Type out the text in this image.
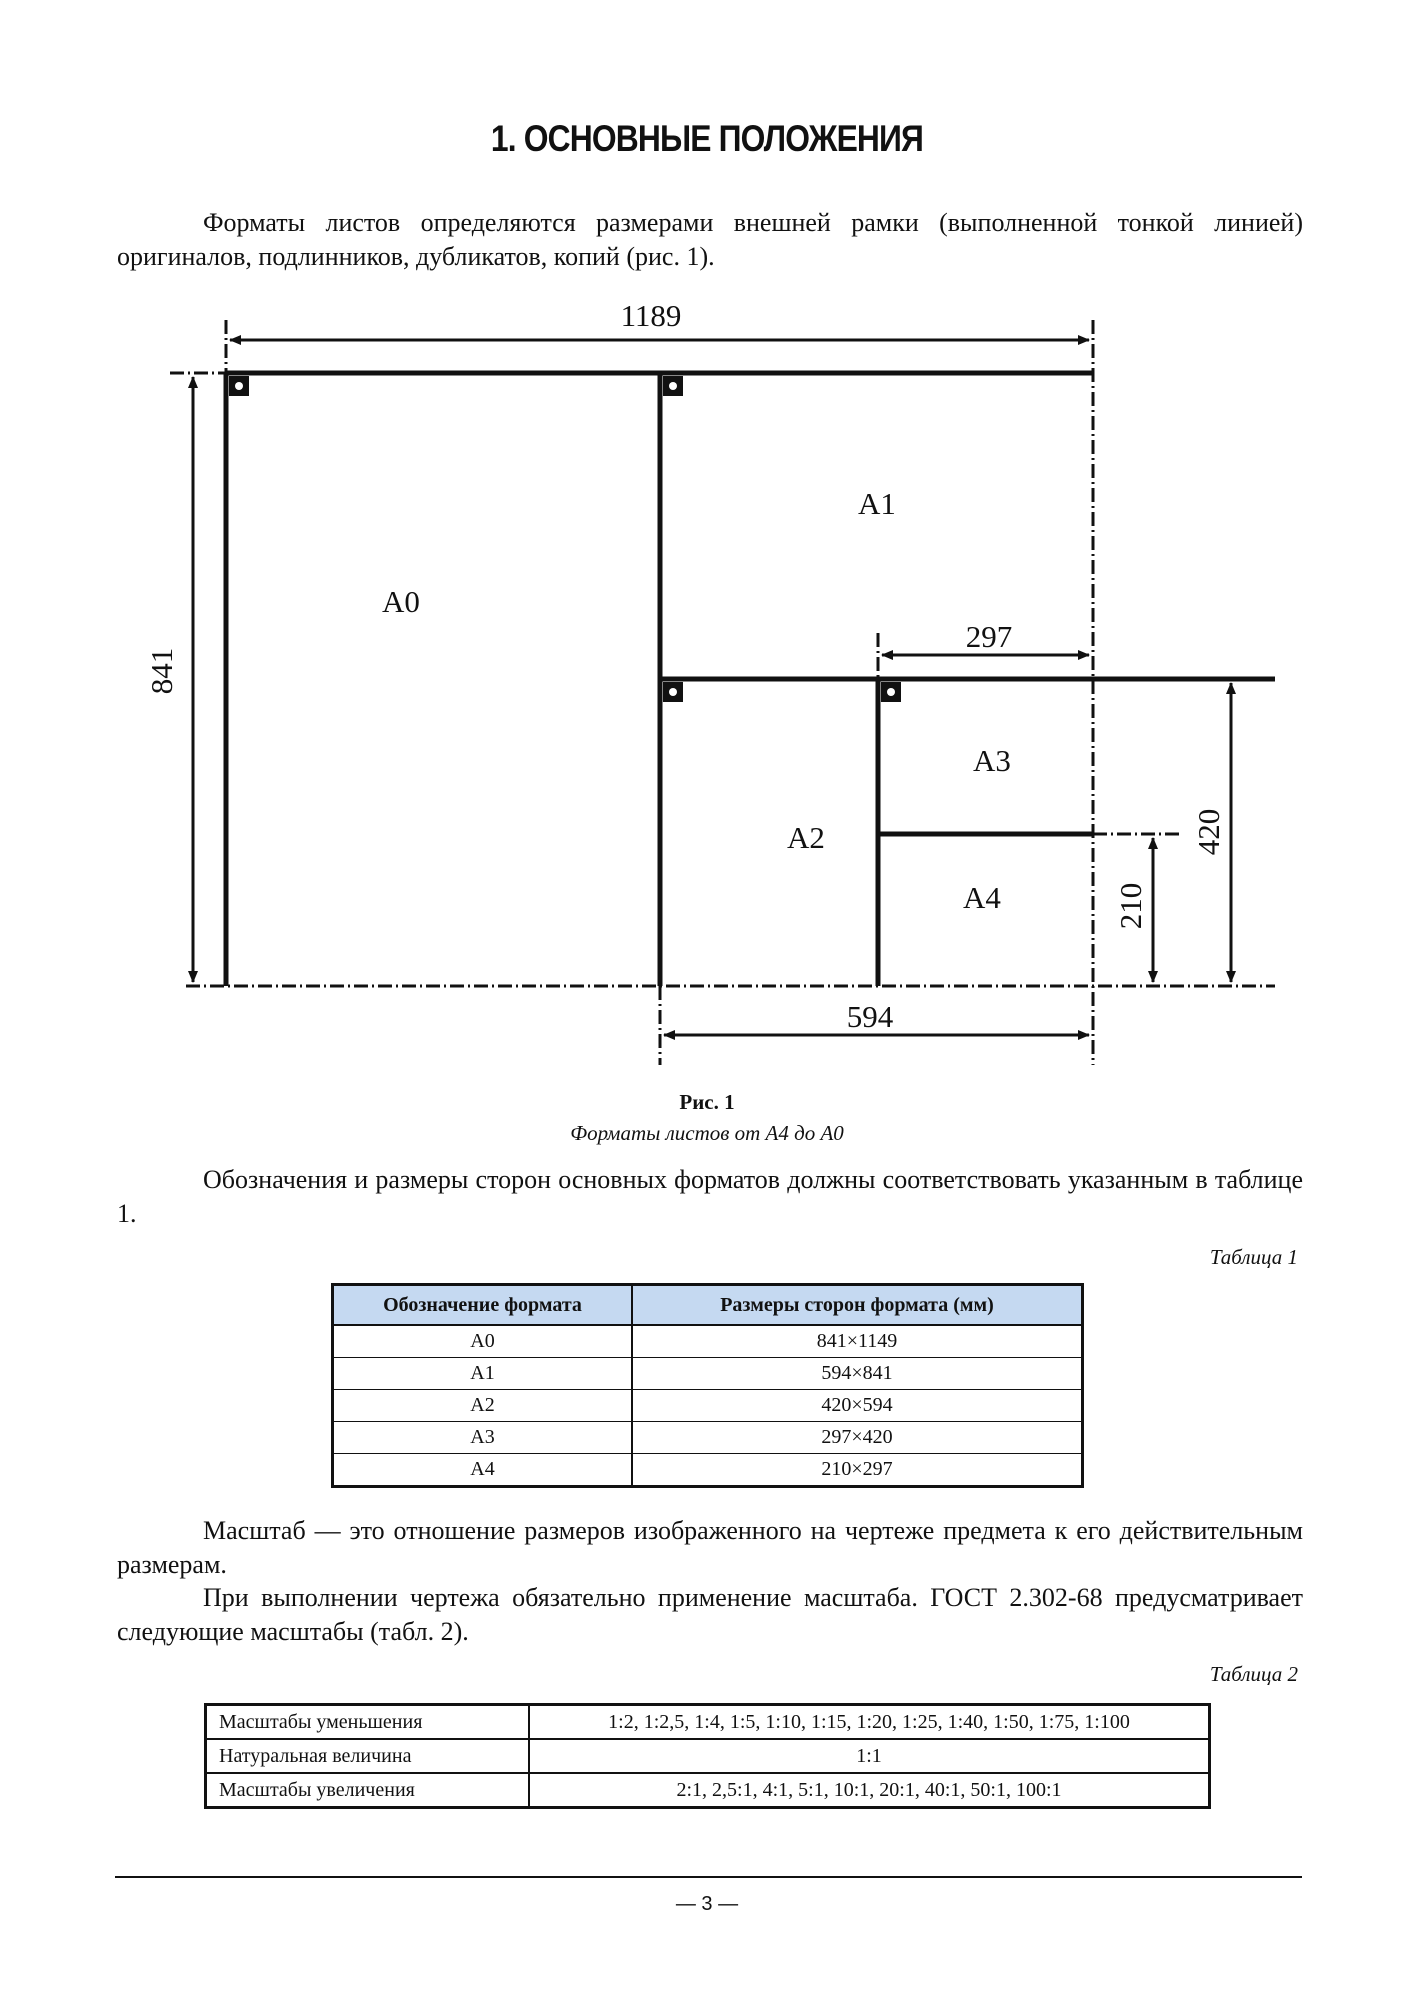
1. ОСНОВНЫЕ ПОЛОЖЕНИЯ

Форматы листов определяются размерами внешней рамки (выполненной тонкой линией) оригиналов, подлинников, дубликатов, копий (рис. 1).

А0
А1
А2
А3
А4
1189
297
594
841
420
210

Рис. 1

Форматы листов от А4 до А0

Обозначения и размеры сторон основных форматов должны соответствовать указанным в таблице 1.

Таблица 1

Обозначение формата	Размеры сторон формата (мм)
А0	841×1149
А1	594×841
А2	420×594
А3	297×420
А4	210×297

Масштаб — это отношение размеров изображенного на чертеже предмета к его действительным размерам.

При выполнении чертежа обязательно применение масштаба. ГОСТ 2.302-68 предусматривает следующие масштабы (табл. 2).

Таблица 2

Масштабы уменьшения	1:2, 1:2,5, 1:4, 1:5, 1:10, 1:15, 1:20, 1:25, 1:40, 1:50, 1:75, 1:100
Натуральная величина	1:1
Масштабы увеличения	2:1, 2,5:1, 4:1, 5:1, 10:1, 20:1, 40:1, 50:1, 100:1

— 3 —
